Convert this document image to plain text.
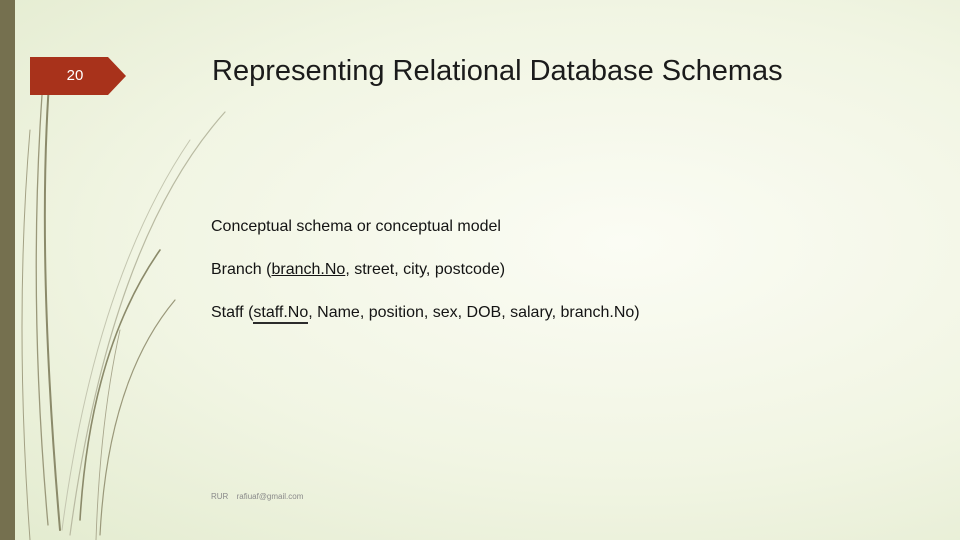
20	Representing Relational Database Schemas
Conceptual schema or conceptual model
Branch (branch.No, street, city, postcode)
Staff (staff.No, Name, position, sex, DOB, salary, branch.No)
RUR rafiuaf@gmail.com
